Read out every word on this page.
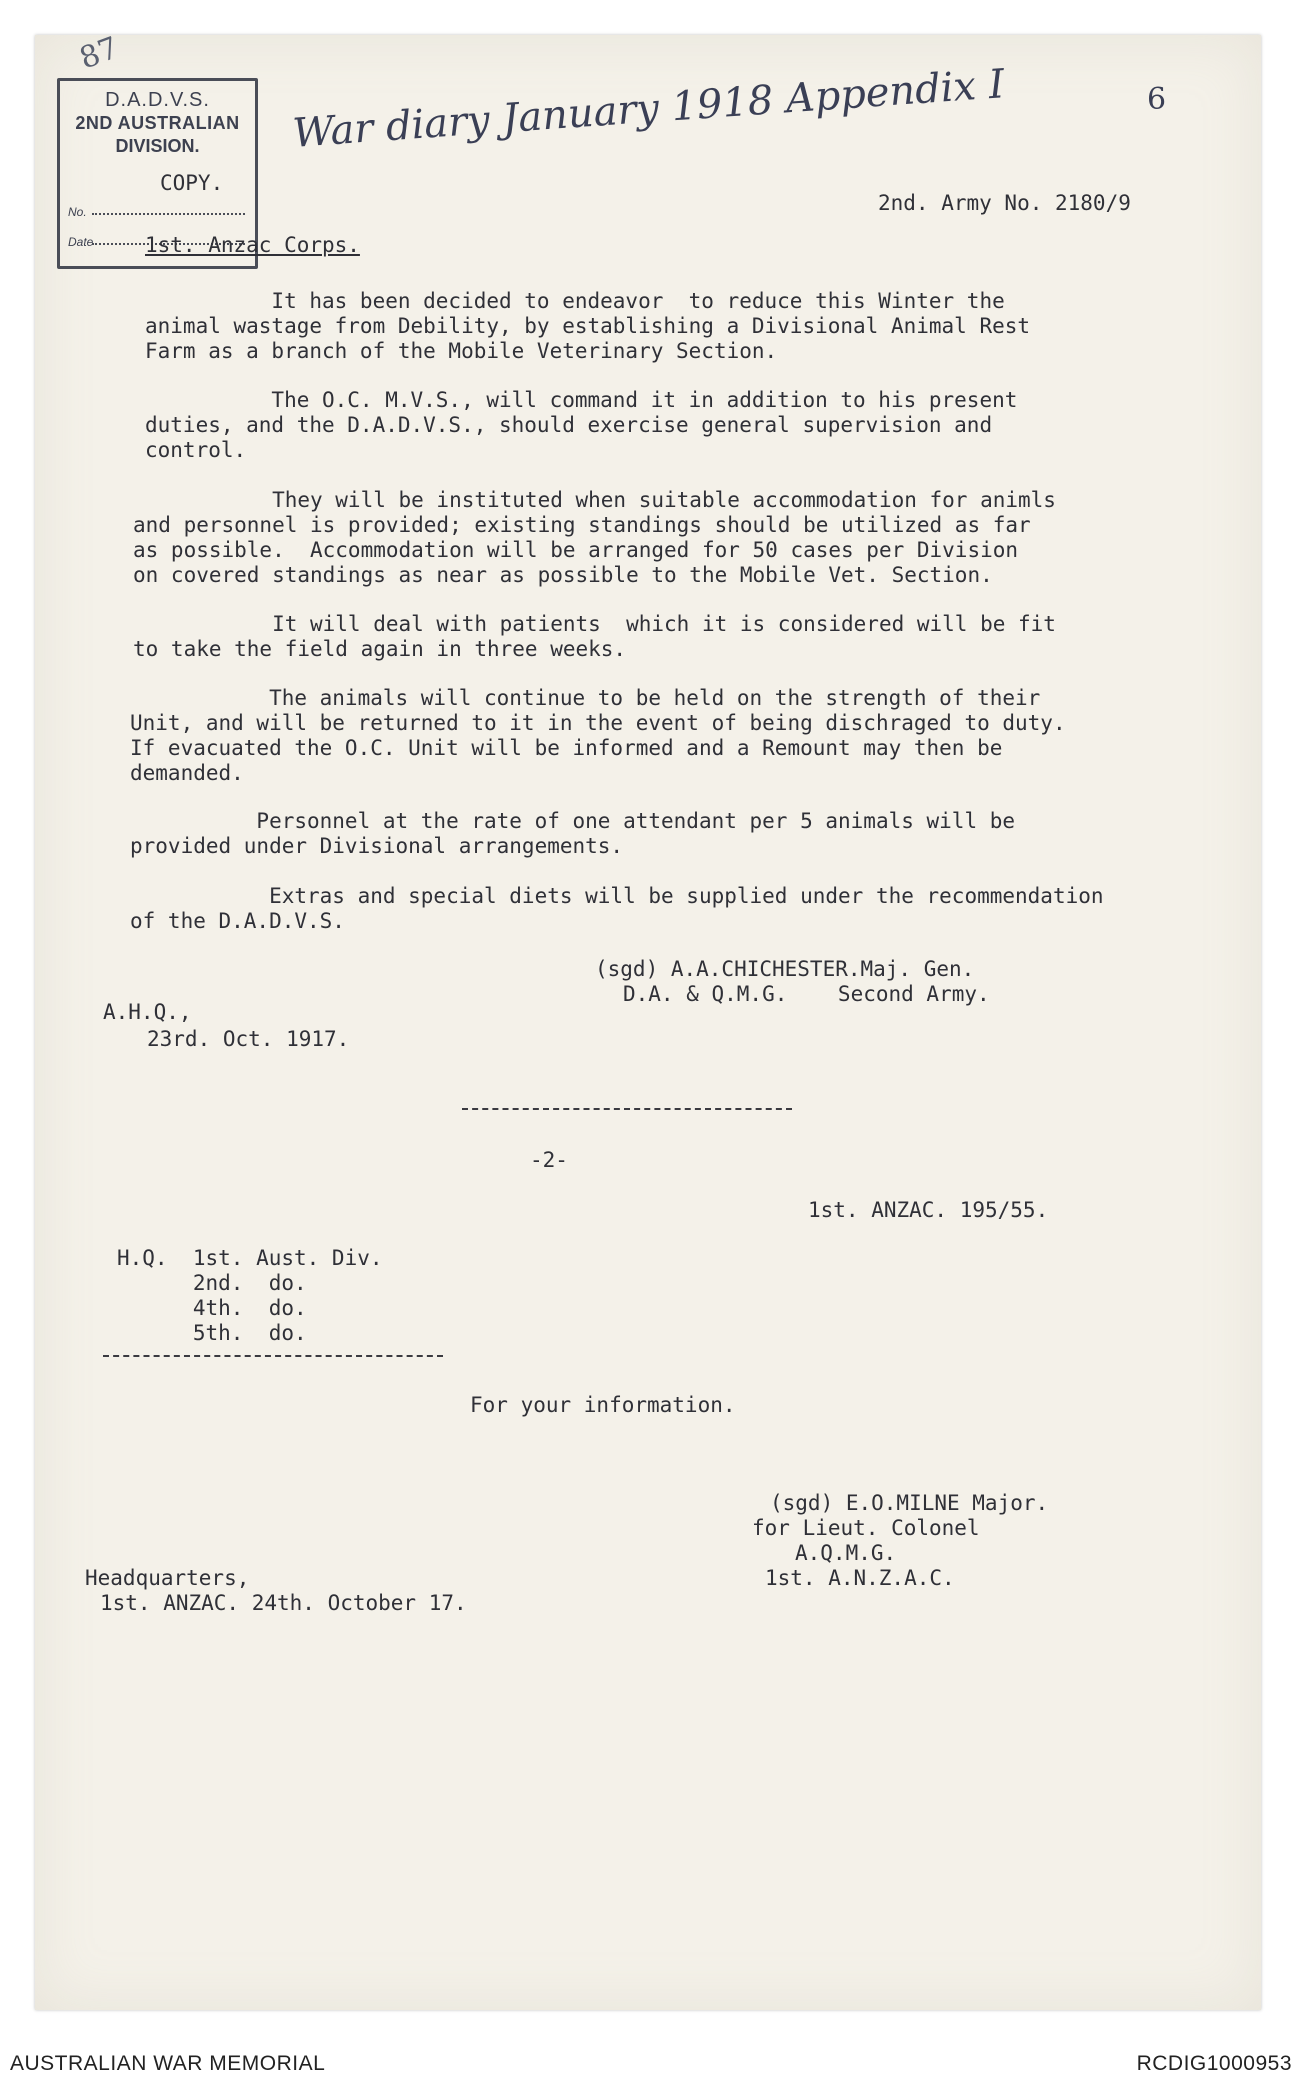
87
War diary January 1918 Appendix I	6
D.A.D.V.S.
2ND AUSTRALIAN
DIVISION.
No.
Date
COPY.
2nd. Army No. 2180/9
1st. Anzac Corps.
It has been decided to endeavor  to reduce this Winter the
animal wastage from Debility, by establishing a Divisional Animal Rest
Farm as a branch of the Mobile Veterinary Section.
The O.C. M.V.S., will command it in addition to his present
duties, and the D.A.D.V.S., should exercise general supervision and
control.
They will be instituted when suitable accommodation for animls
and personnel is provided; existing standings should be utilized as far
as possible.  Accommodation will be arranged for 50 cases per Division
on covered standings as near as possible to the Mobile Vet. Section.
It will deal with patients  which it is considered will be fit
to take the field again in three weeks.
The animals will continue to be held on the strength of their
Unit, and will be returned to it in the event of being dischraged to duty.
If evacuated the O.C. Unit will be informed and a Remount may then be
demanded.
Personnel at the rate of one attendant per 5 animals will be
provided under Divisional arrangements.
Extras and special diets will be supplied under the recommendation
of the D.A.D.V.S.
(sgd) A.A.CHICHESTER.Maj. Gen.
D.A. & Q.M.G.    Second Army.
A.H.Q.,
23rd. Oct. 1917.
-2-
1st. ANZAC. 195/55.
H.Q.  1st. Aust. Div.
2nd.  do.
4th.  do.
5th.  do.
For your information.
(sgd) E.O.MILNE Major.
for Lieut. Colonel
A.Q.M.G.
1st. A.N.Z.A.C.
Headquarters,
1st. ANZAC. 24th. October 17.
AUSTRALIAN WAR MEMORIAL	RCDIG1000953
